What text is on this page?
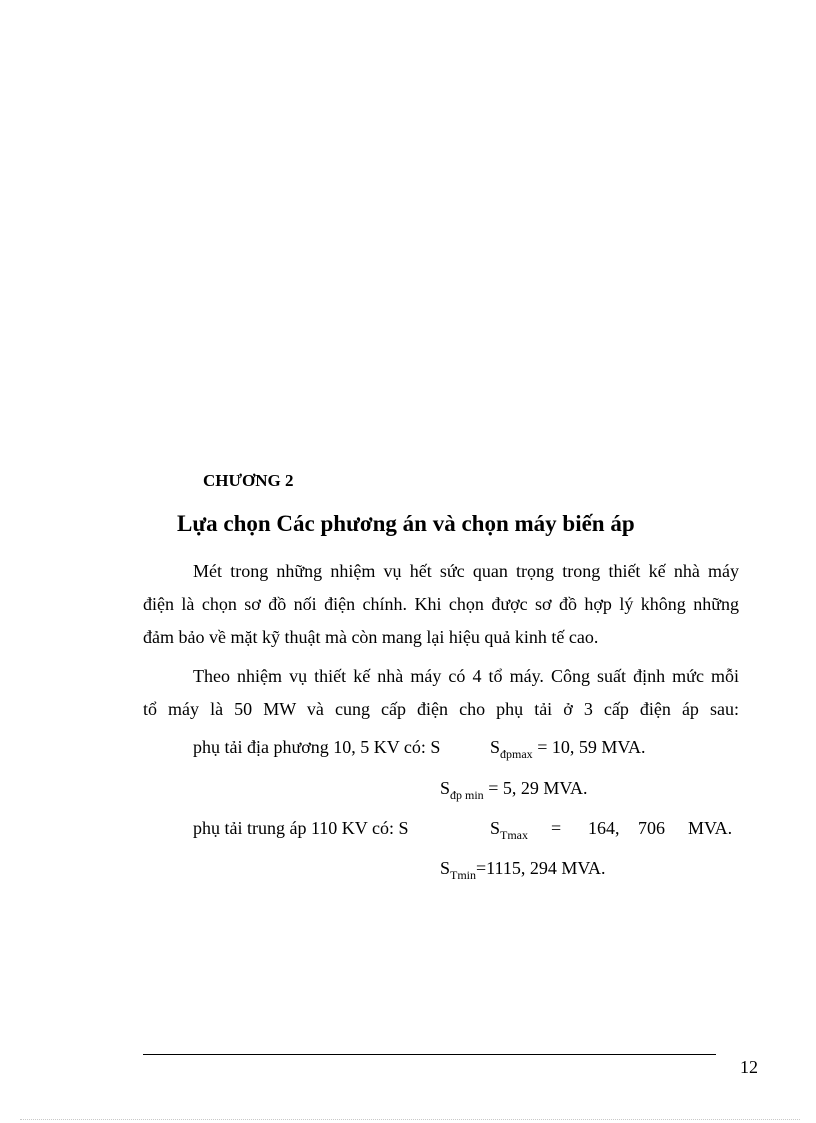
CHƯƠNG 2
Lựa chọn Các phương án và chọn máy biến áp
Mét trong những nhiệm vụ hết sức quan trọng trong thiết kế nhà máy
điện là chọn sơ đồ nối điện chính. Khi chọn được sơ đồ hợp lý không những
đảm bảo về mặt kỹ thuật mà còn mang lại hiệu quả kinh tế cao.
Theo nhiệm vụ thiết kế nhà máy có 4 tổ máy. Công suất định mức mỗi
tổ máy là 50 MW và cung cấp điện cho phụ tải ở 3 cấp điện áp sau:
phụ tải địa phương 10, 5 KV có: S	$S_{đpmax} = 10$, 59 MVA.
$S_{đp min} = 5$, 29 MVA.
phụ tải trung áp 110 KV có: S	$S_{Tmax} = 164$, 706 MVA.
$S_{Tmin}=1115$, 294 MVA.
12
